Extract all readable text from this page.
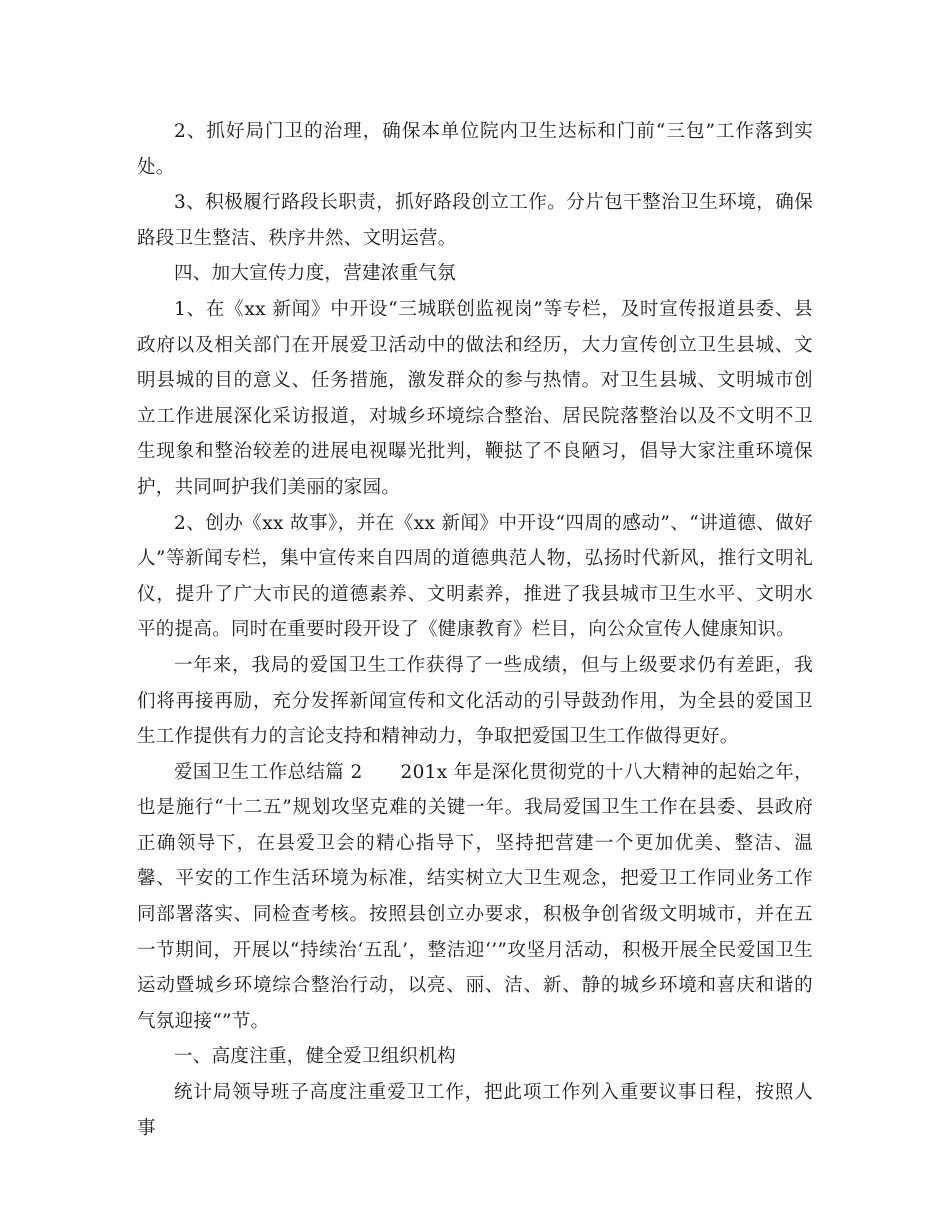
2、抓好局门卫的治理，确保本单位院内卫生达标和门前“三包”工作落到实处。

3、积极履行路段长职责，抓好路段创立工作。分片包干整治卫生环境，确保路段卫生整洁、秩序井然、文明运营。

四、加大宣传力度，营建浓重气氛

1、在《xx 新闻》中开设“三城联创监视岗”等专栏，及时宣传报道县委、县政府以及相关部门在开展爱卫活动中的做法和经历，大力宣传创立卫生县城、文明县城的目的意义、任务措施，激发群众的参与热情。对卫生县城、文明城市创立工作进展深化采访报道，对城乡环境综合整治、居民院落整治以及不文明不卫生现象和整治较差的进展电视曝光批判，鞭挞了不良陋习，倡导大家注重环境保护，共同呵护我们美丽的家园。

2、创办《xx 故事》，并在《xx 新闻》中开设“四周的感动”、“讲道德、做好人”等新闻专栏，集中宣传来自四周的道德典范人物，弘扬时代新风，推行文明礼仪，提升了广大市民的道德素养、文明素养，推进了我县城市卫生水平、文明水平的提高。同时在重要时段开设了《健康教育》栏目，向公众宣传人健康知识。

一年来，我局的爱国卫生工作获得了一些成绩，但与上级要求仍有差距，我们将再接再励，充分发挥新闻宣传和文化活动的引导鼓劲作用，为全县的爱国卫生工作提供有力的言论支持和精神动力，争取把爱国卫生工作做得更好。

爱国卫生工作总结篇 2　　201x 年是深化贯彻党的十八大精神的起始之年，也是施行“十二五”规划攻坚克难的关键一年。我局爱国卫生工作在县委、县政府正确领导下，在县爱卫会的精心指导下，坚持把营建一个更加优美、整洁、温馨、平安的工作生活环境为标准，结实树立大卫生观念，把爱卫工作同业务工作同部署落实、同检查考核。按照县创立办要求，积极争创省级文明城市，并在五一节期间，开展以“持续治‘五乱’，整洁迎‘’”攻坚月活动，积极开展全民爱国卫生运动暨城乡环境综合整治行动，以亮、丽、洁、新、静的城乡环境和喜庆和谐的气氛迎接“”节。

一、高度注重，健全爱卫组织机构

统计局领导班子高度注重爱卫工作，把此项工作列入重要议事日程，按照人事
